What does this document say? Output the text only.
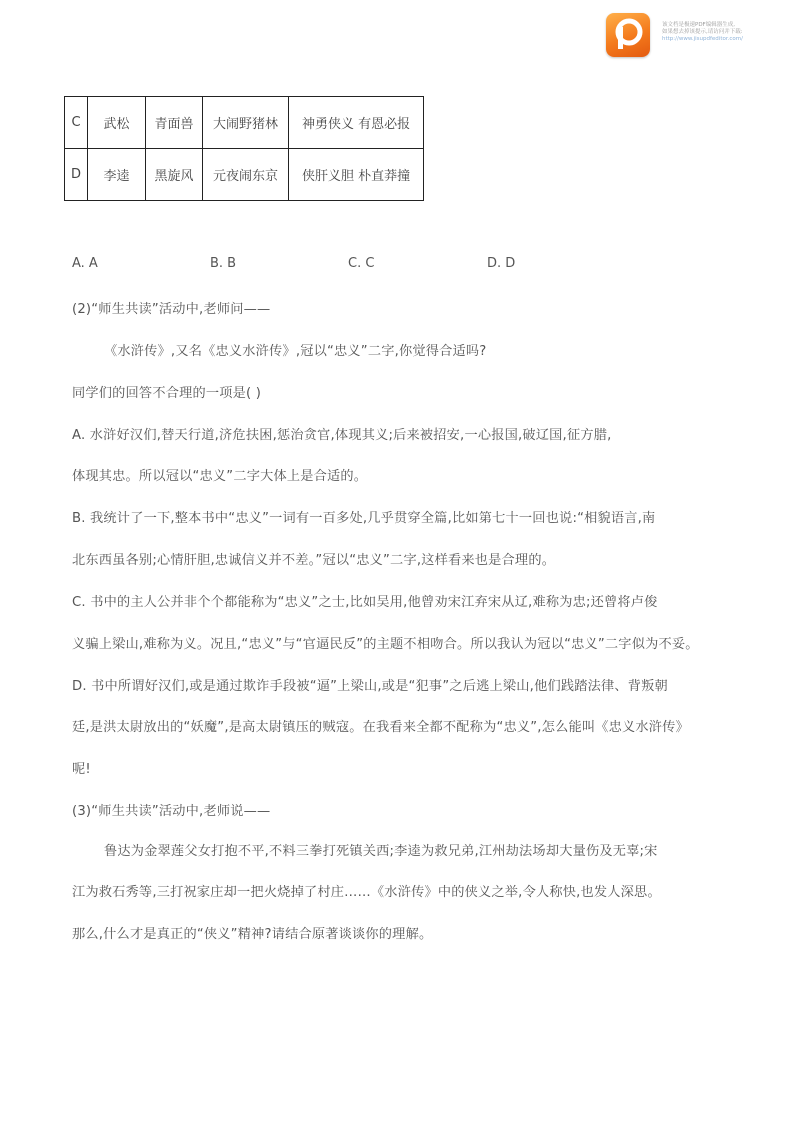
该文档是极速PDF编辑器生成,
如果想去掉该提示,请访问并下载:
http://www.jisupdfeditor.com/
C	武松	青面兽	大闹野猪林	神勇侠义 有恩必报
D	李逵	黑旋风	元夜闹东京	侠肝义胆 朴直莽撞
A. A	B. B	C. C	D. D
(2)“师生共读”活动中,老师问——
《水浒传》,又名《忠义水浒传》,冠以“忠义”二字,你觉得合适吗?
同学们的回答不合理的一项是( )
A. 水浒好汉们,替天行道,济危扶困,惩治贪官,体现其义;后来被招安,一心报国,破辽国,征方腊,
体现其忠。所以冠以“忠义”二字大体上是合适的。
B. 我统计了一下,整本书中“忠义”一词有一百多处,几乎贯穿全篇,比如第七十一回也说:“相貌语言,南
北东西虽各别;心情肝胆,忠诚信义并不差。”冠以“忠义”二字,这样看来也是合理的。
C. 书中的主人公并非个个都能称为“忠义”之士,比如吴用,他曾劝宋江弃宋从辽,难称为忠;还曾将卢俊
义骗上梁山,难称为义。况且,“忠义”与“官逼民反”的主题不相吻合。所以我认为冠以“忠义”二字似为不妥。
D. 书中所谓好汉们,或是通过欺诈手段被“逼”上梁山,或是“犯事”之后逃上梁山,他们践踏法律、背叛朝
廷,是洪太尉放出的“妖魔”,是高太尉镇压的贼寇。在我看来全都不配称为“忠义”,怎么能叫《忠义水浒传》
呢!
(3)“师生共读”活动中,老师说——
鲁达为金翠莲父女打抱不平,不料三拳打死镇关西;李逵为救兄弟,江州劫法场却大量伤及无辜;宋
江为救石秀等,三打祝家庄却一把火烧掉了村庄……《水浒传》中的侠义之举,令人称快,也发人深思。
那么,什么才是真正的“侠义”精神?请结合原著谈谈你的理解。
